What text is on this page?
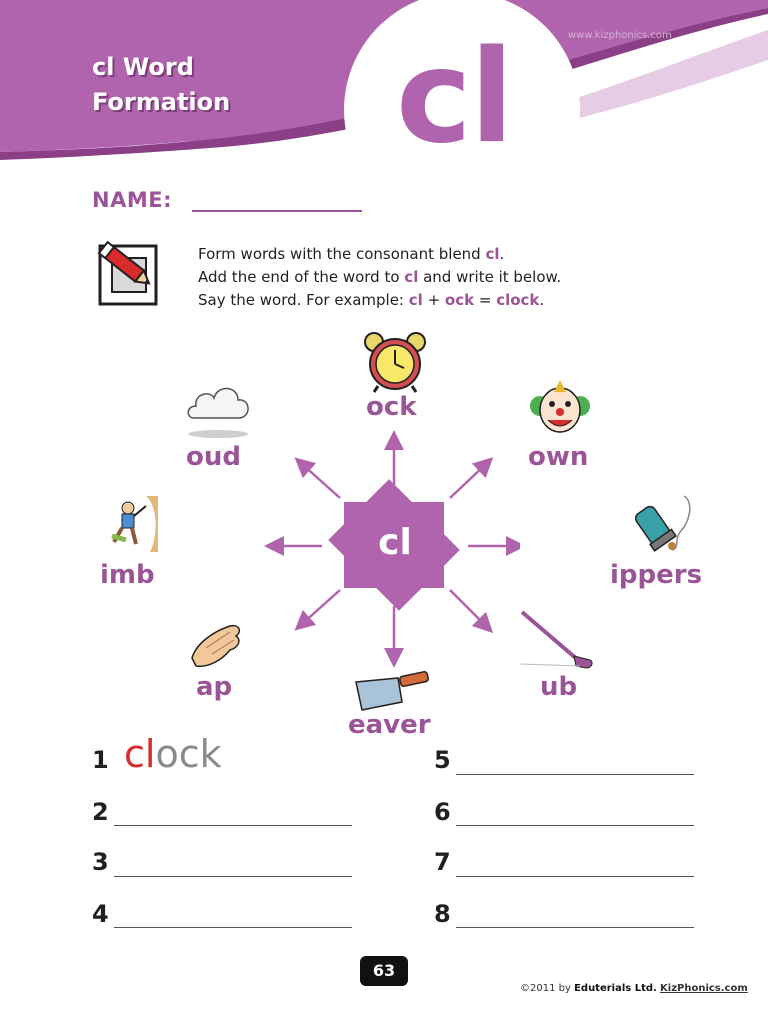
cl Word
Formation
www.kizphonics.com
cl
NAME:
Form words with the consonant blend cl.
Add the end of the word to cl and write it below.
Say the word. For example: cl + ock = clock.
cl
ock
own
ippers
ub
eaver
ap
imb
oud
1 clock
2
3
4
5
6
7
8
63
©2011 by Eduterials Ltd. KizPhonics.com
